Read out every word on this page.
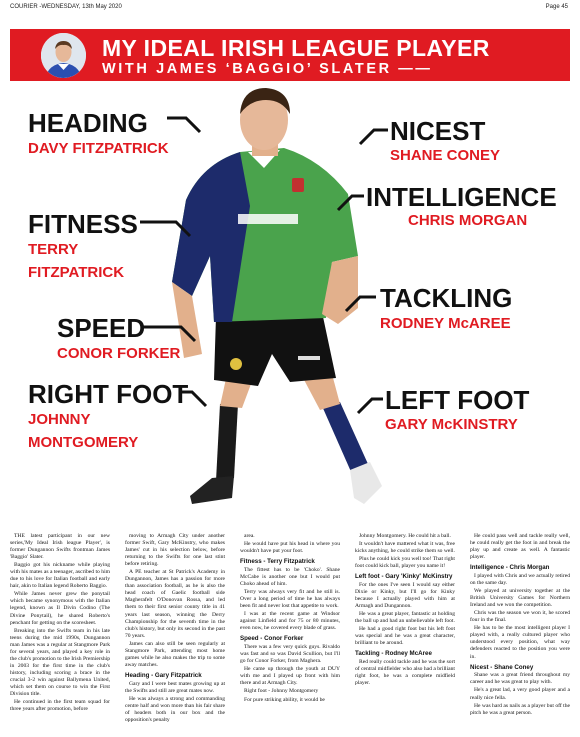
COURIER -WEDNESDAY, 13th May 2020	Page 45
MY IDEAL IRISH LEAGUE PLAYER
WITH JAMES ‘BAGGIO’ SLATER ——
HEADING
DAVY FITZPATRICK
FITNESS
TERRY
FITZPATRICK
SPEED
CONOR FORKER
RIGHT FOOT
JOHNNY
MONTGOMERY
NICEST
SHANE CONEY
INTELLIGENCE
CHRIS MORGAN
TACKLING
RODNEY McAREE
LEFT FOOT
GARY McKINSTRY

THE latest participant in our new series,'My Ideal Irish league Player', is former Dungannon Swifts frontman James 'Baggio' Slater.

Baggio got his nickname while playing with his mates as a teenager, ascribed to him due to his love for Italian football and early hair, akin to Italian legend Roberto Baggio.

While James never grew the ponytail which became synonymous with the Italian legend, known as Il Divin Codino (The Divine Ponytail), he shared Roberto's penchant for getting on the scoresheet.

Breaking into the Swifts team in his late teens during the mid 1990s, Dungannon man James was a regular at Stangmore Park for several years, and played a key role in the club's promotion to the Irish Premiership in 2003 for the first time in the club's history, including scoring a brace in the crucial 3-2 win against Ballymena United, which set them on course to win the First Division title.

He continued in the first team squad for three years after promotion, before

moving to Armagh City under another former Swift, Gary McKinstry, who makes James' cut in his selection below, before returning to the Swifts for one last stint before retiring.

A PE teacher at St Patrick's Academy in Dungannon, James has a passion for more than association football, as he is also the head coach of Gaelic football side Magherafelt O'Donovan Rossa, and led them to their first senior county title in 41 years last season, winning the Derry Championship for the seventh time in the club's history, but only its second in the past 70 years.

James can also still be seen regularly at Stangmore Park, attending most home games while he also makes the trip to some away matches.

Heading - Gary Fitzpatrick

Gary and I were best mates growing up at the Swifts and still are great mates now.

He was always a strong and commanding centre half and won more than his fair share of headers both in our box and the opposition's penalty

area.

He would have put his head in where you wouldn't have put your foot.

Fitness - Terry Fitzpatrick

The fittest has to be 'Choko'. Shane McCabe is another one but I would put Choko ahead of him.

Terry was always very fit and he still is. Over a long period of time he has always been fit and never lost that appetite to work.

I was at the recent game at Windsor against Linfield and for 75 or 80 minutes, even now, he covered every blade of grass.

Speed - Conor Forker

There was a few very quick guys. Rivaldo was fast and so was David Scullion, but I'll go for Conor Forker, from Maghera.

He came up through the youth at DUY with me and I played up front with him there and at Armagh City.

Right foot - Johnny Montgomery

For pure striking ability, it would be

Johnny Montgomery. He could hit a ball.

It wouldn't have mattered what it was, free kicks anything, he could strike them so well.

Plus he could kick you well too! That right foot could kick ball, player you name it!

Left foot - Gary 'Kinky' McKinstry

For the ones I've seen I would say either Dixie or Kinky, but I'll go for Kinky because I actually played with him at Armagh and Dungannon.

He was a great player, fantastic at holding the ball up and had an unbelievable left foot.

He had a good right foot but his left foot was special and he was a great character, brilliant to be around.

Tackling - Rodney McAree

Red really could tackle and he was the sort of central midfielder who also had a brilliant right foot, he was a complete midfield player.

He could pass well and tackle really well, he could really get the foot in and break the play up and create as well. A fantastic player.

Intelligence - Chris Morgan

I played with Chris and we actually retired on the same day.

We played at university together at the British University Games for Northern Ireland and we won the competition.

Chris was the season we won it, he scored four in the final.

He has to be the most intelligent player I played with, a really cultured player who understood every position, what way defenders reacted to the position you were in.

Nicest - Shane Coney

Shane was a great friend throughout my career and he was great to play with.

He's a great lad, a very good player and a really nice fella.

He was hard as nails as a player but off the pitch he was a great person.
